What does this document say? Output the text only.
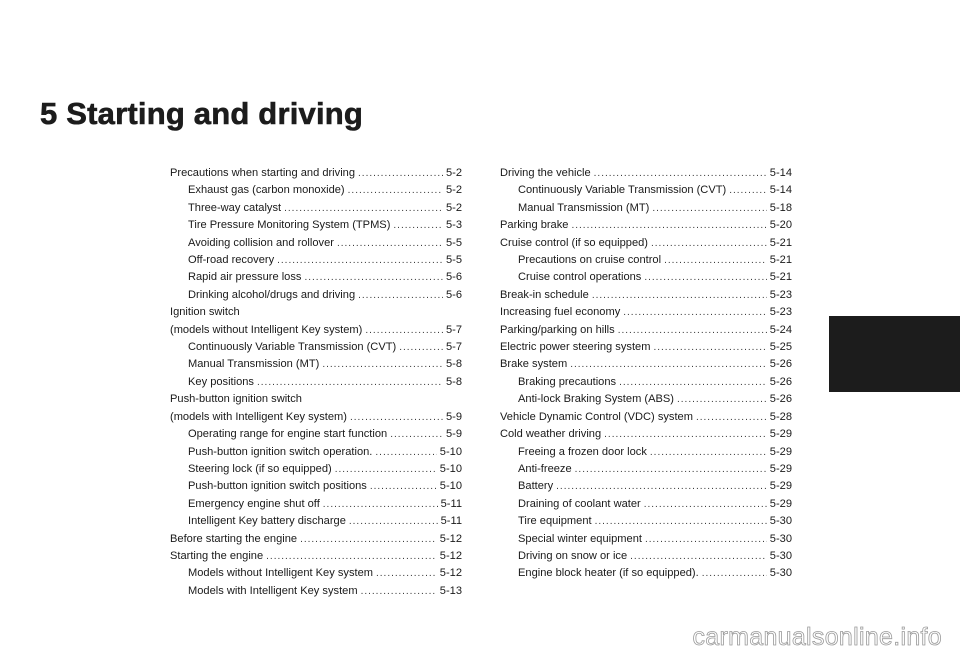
5 Starting and driving
Precautions when starting and driving .....	5-2
Exhaust gas (carbon monoxide) .....	5-2
Three-way catalyst .....	5-2
Tire Pressure Monitoring System (TPMS) .....	5-3
Avoiding collision and rollover .....	5-5
Off-road recovery .....	5-5
Rapid air pressure loss .....	5-6
Drinking alcohol/drugs and driving .....	5-6
Ignition switch
(models without Intelligent Key system) .....	5-7
Continuously Variable Transmission (CVT) .....	5-7
Manual Transmission (MT) .....	5-8
Key positions .....	5-8
Push-button ignition switch
(models with Intelligent Key system) .....	5-9
Operating range for engine start function .....	5-9
Push-button ignition switch operation. .....	5-10
Steering lock (if so equipped) .....	5-10
Push-button ignition switch positions .....	5-10
Emergency engine shut off .....	5-11
Intelligent Key battery discharge .....	5-11
Before starting the engine .....	5-12
Starting the engine .....	5-12
Models without Intelligent Key system .....	5-12
Models with Intelligent Key system .....	5-13
Driving the vehicle .....	5-14
Continuously Variable Transmission (CVT) .....	5-14
Manual Transmission (MT) .....	5-18
Parking brake .....	5-20
Cruise control (if so equipped) .....	5-21
Precautions on cruise control .....	5-21
Cruise control operations .....	5-21
Break-in schedule .....	5-23
Increasing fuel economy .....	5-23
Parking/parking on hills .....	5-24
Electric power steering system .....	5-25
Brake system .....	5-26
Braking precautions .....	5-26
Anti-lock Braking System (ABS) .....	5-26
Vehicle Dynamic Control (VDC) system .....	5-28
Cold weather driving .....	5-29
Freeing a frozen door lock .....	5-29
Anti-freeze .....	5-29
Battery .....	5-29
Draining of coolant water .....	5-29
Tire equipment .....	5-30
Special winter equipment .....	5-30
Driving on snow or ice .....	5-30
Engine block heater (if so equipped). .....	5-30
carmanualsonline.info
